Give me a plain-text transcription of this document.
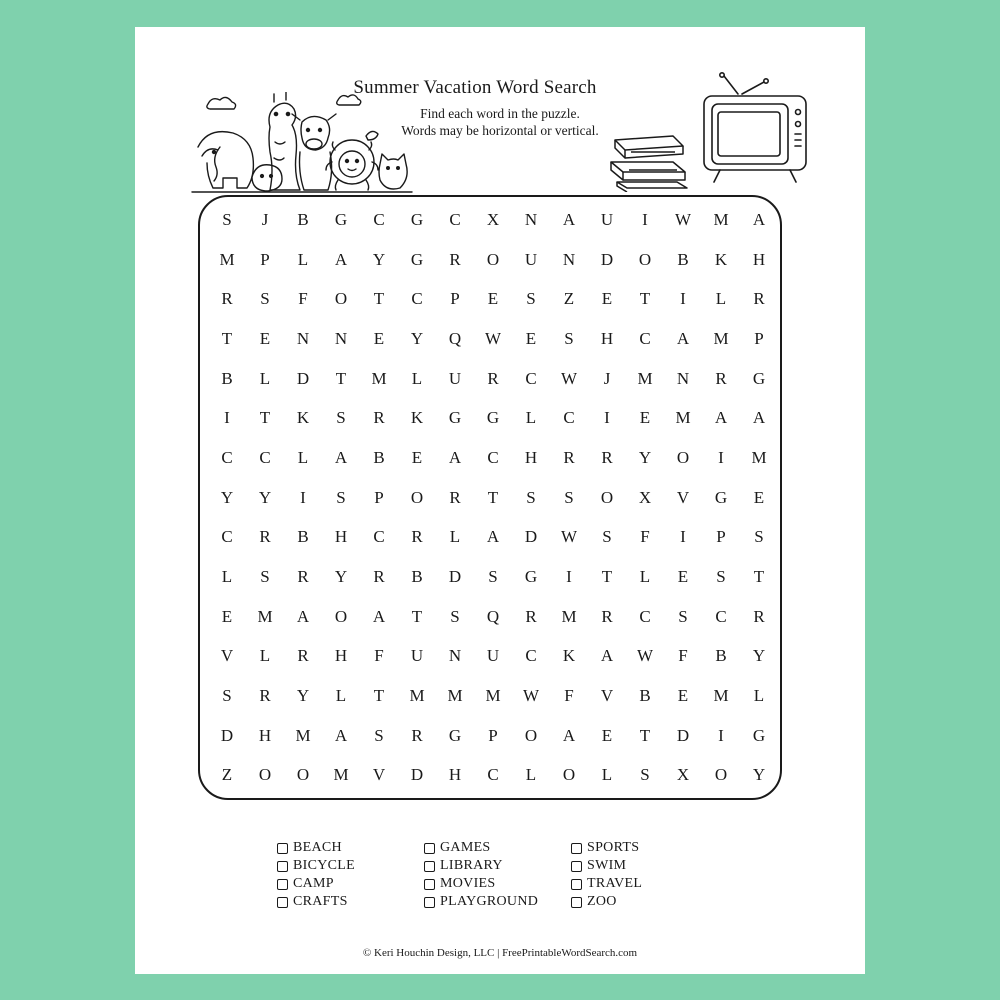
Summer Vacation Word Search
Find each word in the puzzle.
Words may be horizontal or vertical.
S	J	B	G	C	G	C	X	N	A	U	I	W	M	A
M	P	L	A	Y	G	R	O	U	N	D	O	B	K	H
R	S	F	O	T	C	P	E	S	Z	E	T	I	L	R
T	E	N	N	E	Y	Q	W	E	S	H	C	A	M	P
B	L	D	T	M	L	U	R	C	W	J	M	N	R	G
I	T	K	S	R	K	G	G	L	C	I	E	M	A	A
C	C	L	A	B	E	A	C	H	R	R	Y	O	I	M
Y	Y	I	S	P	O	R	T	S	S	O	X	V	G	E
C	R	B	H	C	R	L	A	D	W	S	F	I	P	S
L	S	R	Y	R	B	D	S	G	I	T	L	E	S	T
E	M	A	O	A	T	S	Q	R	M	R	C	S	C	R
V	L	R	H	F	U	N	U	C	K	A	W	F	B	Y
S	R	Y	L	T	M	M	M	W	F	V	B	E	M	L
D	H	M	A	S	R	G	P	O	A	E	T	D	I	G
Z	O	O	M	V	D	H	C	L	O	L	S	X	O	Y
BEACH
BICYCLE
CAMP
CRAFTS
GAMES
LIBRARY
MOVIES
PLAYGROUND
SPORTS
SWIM
TRAVEL
ZOO
© Keri Houchin Design, LLC | FreePrintableWordSearch.com
